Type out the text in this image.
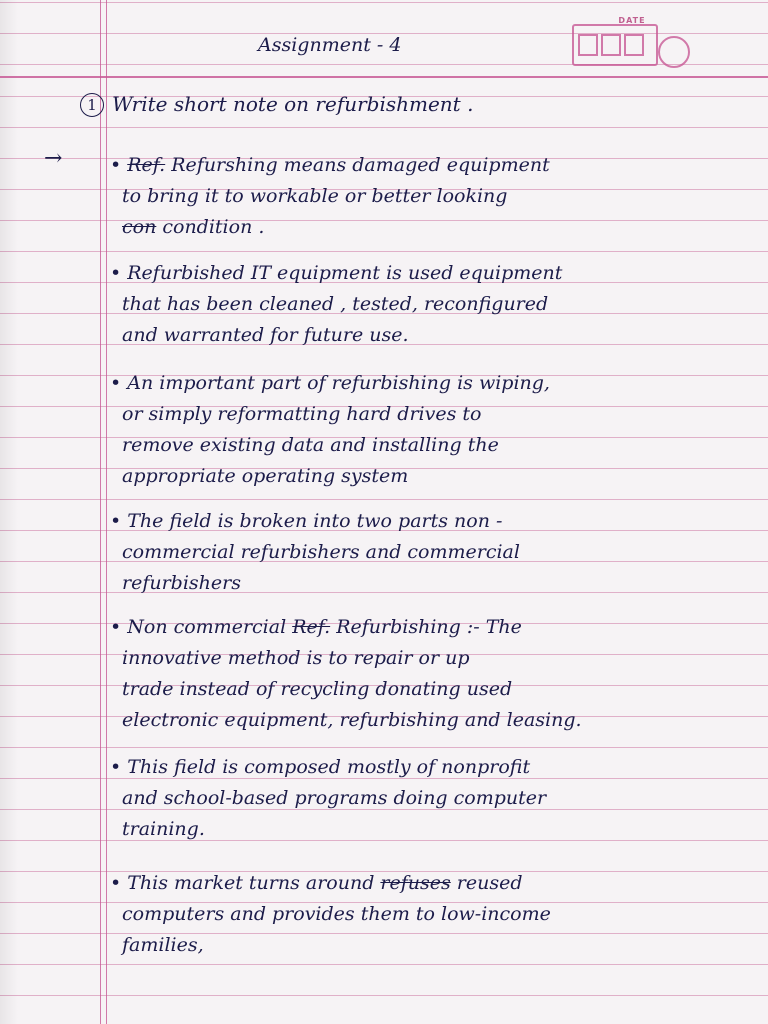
DATE
Assignment - 4
1 Write short note on refurbishment .
→	• Ref. Refurshing means damaged equipment
to bring it to workable or better looking
con condition .
• Refurbished IT equipment is used equipment
that has been cleaned , tested, reconfigured
and warranted for future use.
• An important part of refurbishing is wiping,
or simply reformatting hard drives to
remove existing data and installing the
appropriate operating system
• The field is broken into two parts non -
commercial refurbishers and commercial
refurbishers
• Non commercial Ref. Refurbishing :- The
innovative method is to repair or up
trade instead of recycling donating used
electronic equipment, refurbishing and leasing.
• This field is composed mostly of nonprofit
and school-based programs doing computer
training.
• This market turns around refuses reused
computers and provides them to low-income
families,
